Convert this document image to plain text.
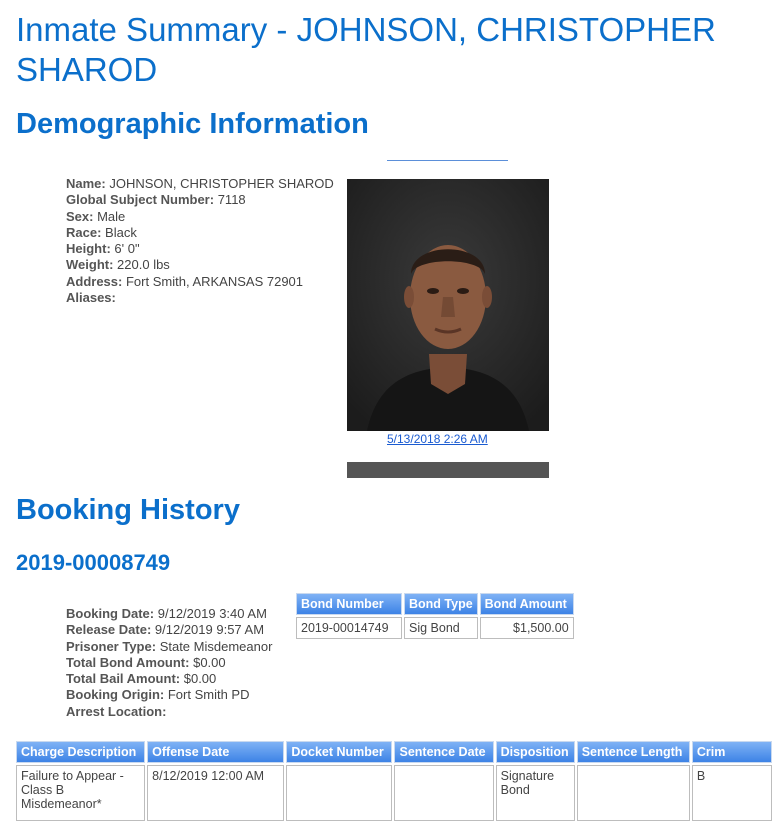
Inmate Summary - JOHNSON, CHRISTOPHER
SHAROD
Demographic Information
Name: JOHNSON, CHRISTOPHER SHAROD
Global Subject Number: 7118
Sex: Male
Race: Black
Height: 6' 0"
Weight: 220.0 lbs
Address: Fort Smith, ARKANSAS 72901
Aliases:
5/13/2018 2:26 AM
Booking History
2019-00008749
Booking Date: 9/12/2019 3:40 AM
Release Date: 9/12/2019 9:57 AM
Prisoner Type: State Misdemeanor
Total Bond Amount: $0.00
Total Bail Amount: $0.00
Booking Origin: Fort Smith PD
Arrest Location:
Bond Number	Bond Type	Bond Amount
2019-00014749	Sig Bond	$1,500.00
Charge Description	Offense Date	Docket Number	Sentence Date	Disposition	Sentence Length	Crim
Failure to Appear - Class B Misdemeanor*	8/12/2019 12:00 AM			Signature Bond		B
